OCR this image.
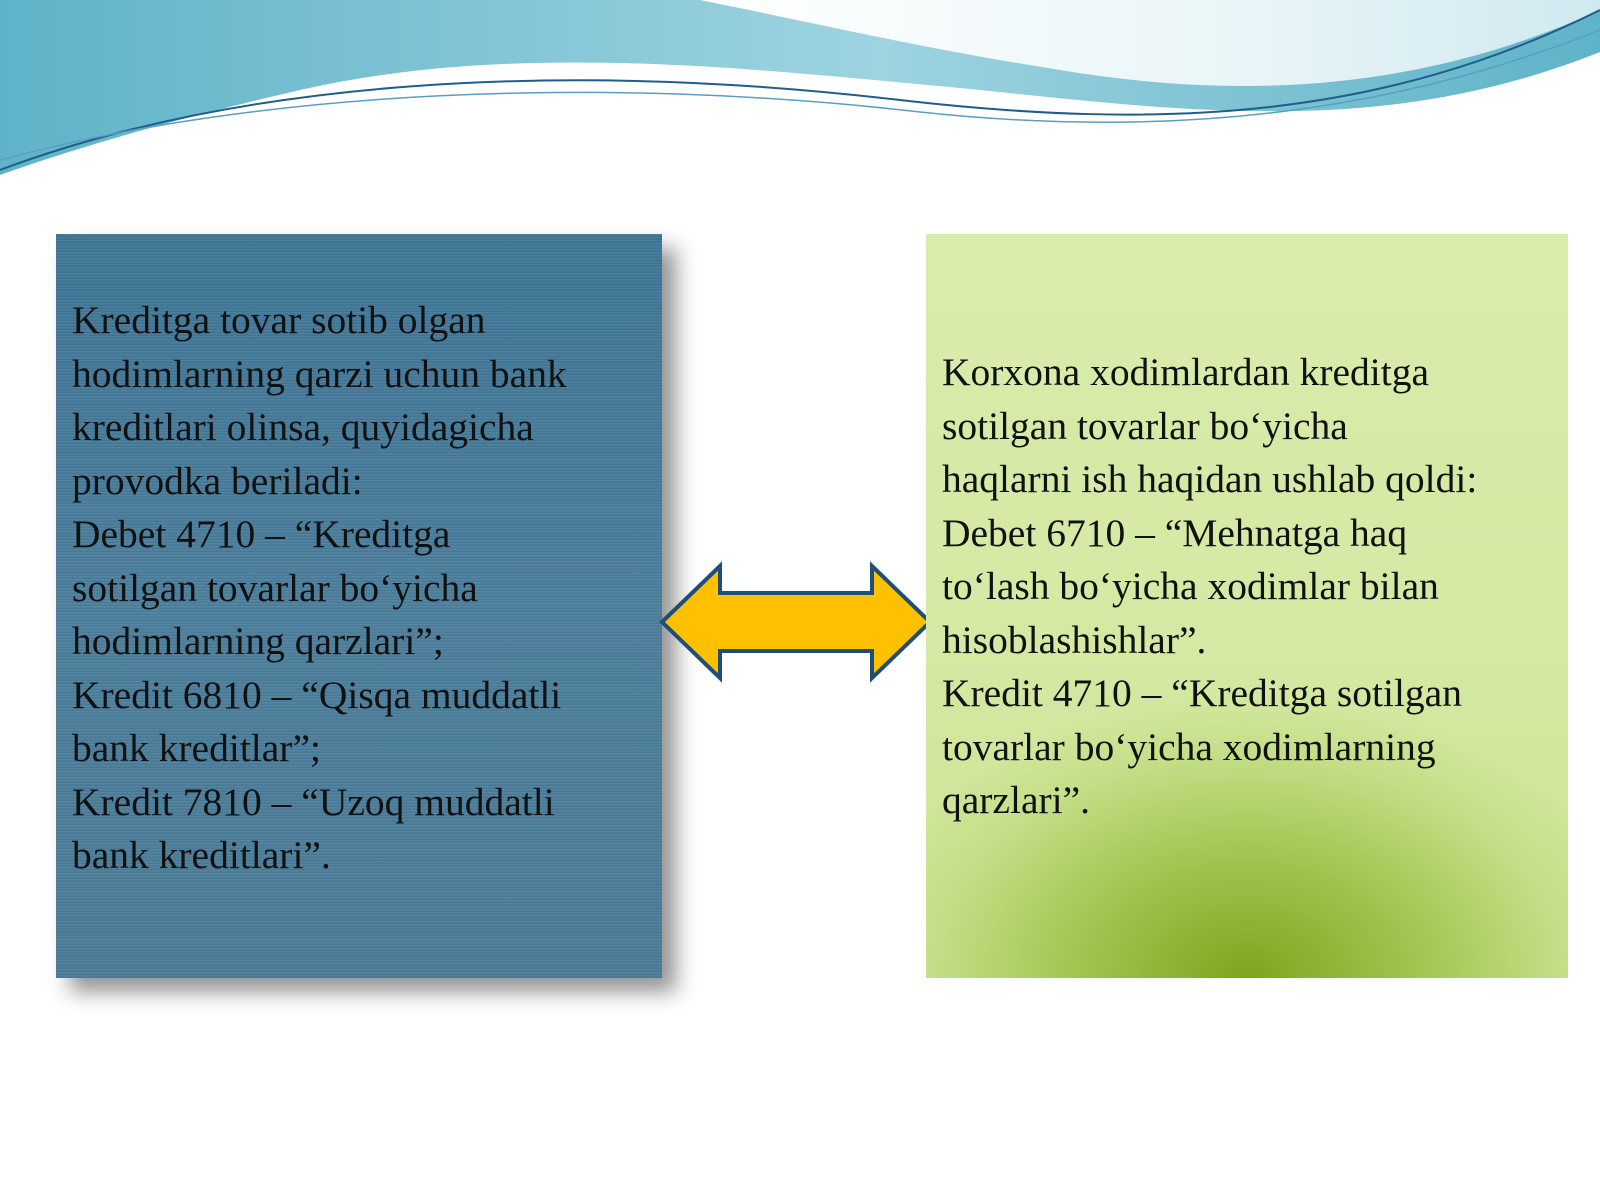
Kreditga tovar sotib olgan
hodimlarning qarzi uchun bank
kreditlari olinsa, quyidagicha
provodka beriladi:
Debet 4710 – “Kreditga
sotilgan tovarlar bo‘yicha
hodimlarning qarzlari”;
Kredit 6810 – “Qisqa muddatli
bank kreditlar”;
Kredit 7810 – “Uzoq muddatli
bank kreditlari”.

Korxona xodimlardan kreditga
sotilgan tovarlar bo‘yicha
haqlarni ish haqidan ushlab qoldi:
Debet 6710 – “Mehnatga haq
to‘lash bo‘yicha xodimlar bilan
hisoblashishlar”.
Kredit 4710 – “Kreditga sotilgan
tovarlar bo‘yicha xodimlarning
qarzlari”.
